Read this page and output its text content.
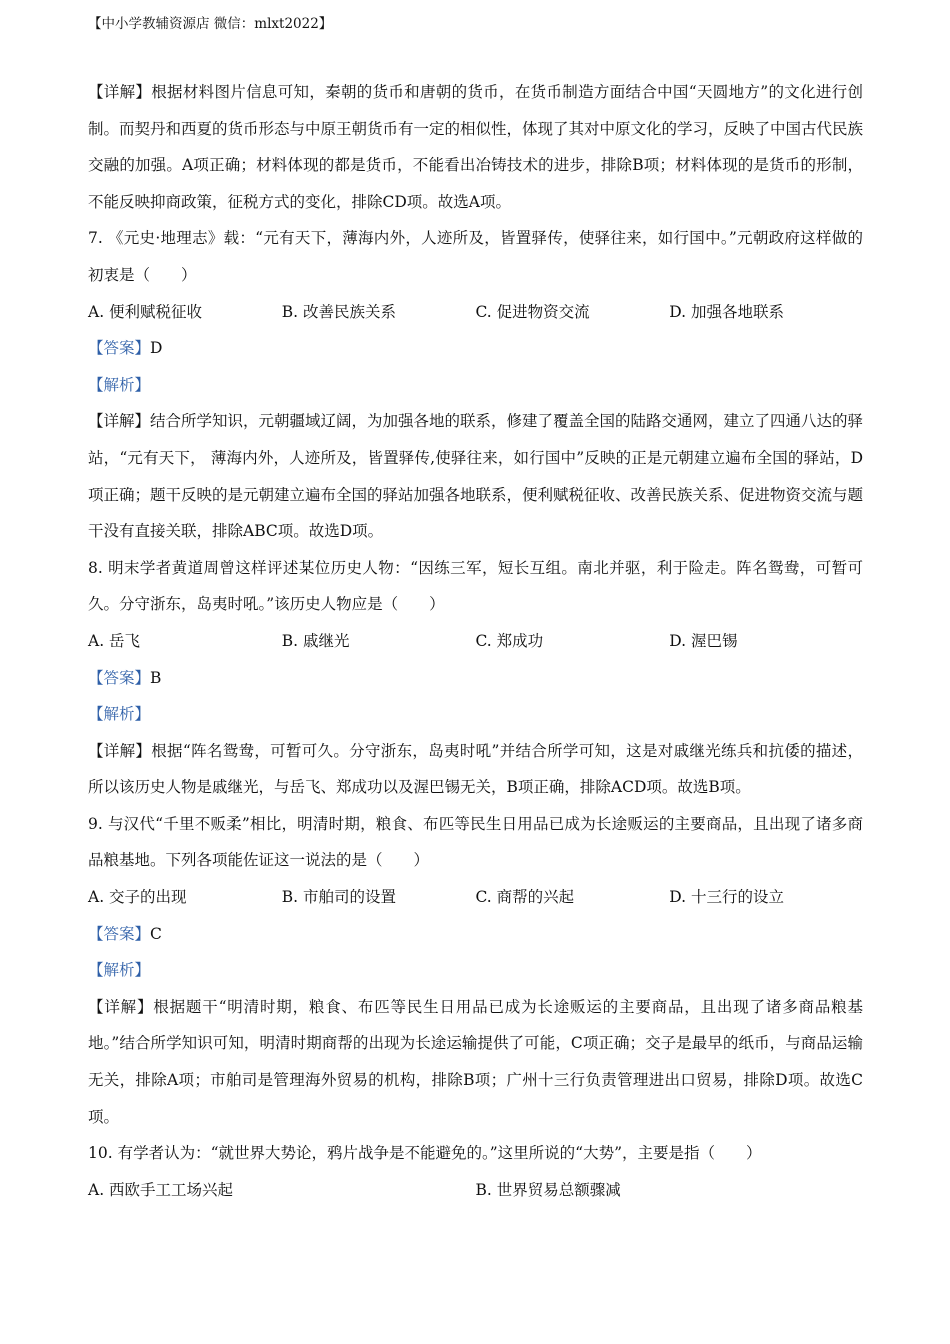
【中小学教辅资源店 微信：mlxt2022】

【详解】根据材料图片信息可知，秦朝的货币和唐朝的货币，在货币制造方面结合中国“天圆地方”的文化进行创制。而契丹和西夏的货币形态与中原王朝货币有一定的相似性，体现了其对中原文化的学习，反映了中国古代民族交融的加强。A项正确；材料体现的都是货币，不能看出冶铸技术的进步，排除B项；材料体现的是货币的形制，不能反映抑商政策，征税方式的变化，排除CD项。故选A项。

7. 《元史·地理志》载：“元有天下，薄海内外，人迹所及，皆置驿传，使驿往来，如行国中。”元朝政府这样做的初衷是（　　）

A. 便利赋税征收	B. 改善民族关系	C. 促进物资交流	D. 加强各地联系

【答案】D

【解析】

【详解】结合所学知识，元朝疆域辽阔，为加强各地的联系，修建了覆盖全国的陆路交通网，建立了四通八达的驿站，“元有天下， 薄海内外，人迹所及，皆置驿传,使驿往来，如行国中”反映的正是元朝建立遍布全国的驿站，D项正确；题干反映的是元朝建立遍布全国的驿站加强各地联系，便利赋税征收、改善民族关系、促进物资交流与题干没有直接关联，排除ABC项。故选D项。

8. 明末学者黄道周曾这样评述某位历史人物：“因练三军，短长互组。南北并驱，利于险走。阵名鸳鸯，可暂可久。分守浙东，岛夷时吼。”该历史人物应是（　　）

A. 岳飞	B. 戚继光	C. 郑成功	D. 渥巴锡

【答案】B

【解析】

【详解】根据“阵名鸳鸯，可暂可久。分守浙东，岛夷时吼”并结合所学可知，这是对戚继光练兵和抗倭的描述，所以该历史人物是戚继光，与岳飞、郑成功以及渥巴锡无关，B项正确，排除ACD项。故选B项。

9. 与汉代“千里不贩柔”相比，明清时期，粮食、布匹等民生日用品已成为长途贩运的主要商品，且出现了诸多商品粮基地。下列各项能佐证这一说法的是（　　）

A. 交子的出现	B. 市舶司的设置	C. 商帮的兴起	D. 十三行的设立

【答案】C

【解析】

【详解】根据题干“明清时期，粮食、布匹等民生日用品已成为长途贩运的主要商品，且出现了诸多商品粮基地。”结合所学知识可知，明清时期商帮的出现为长途运输提供了可能，C项正确；交子是最早的纸币，与商品运输无关，排除A项；市舶司是管理海外贸易的机构，排除B项；广州十三行负责管理进出口贸易，排除D项。故选C项。

10. 有学者认为：“就世界大势论，鸦片战争是不能避免的。”这里所说的“大势”，主要是指（　　）

A. 西欧手工工场兴起	B. 世界贸易总额骤减
